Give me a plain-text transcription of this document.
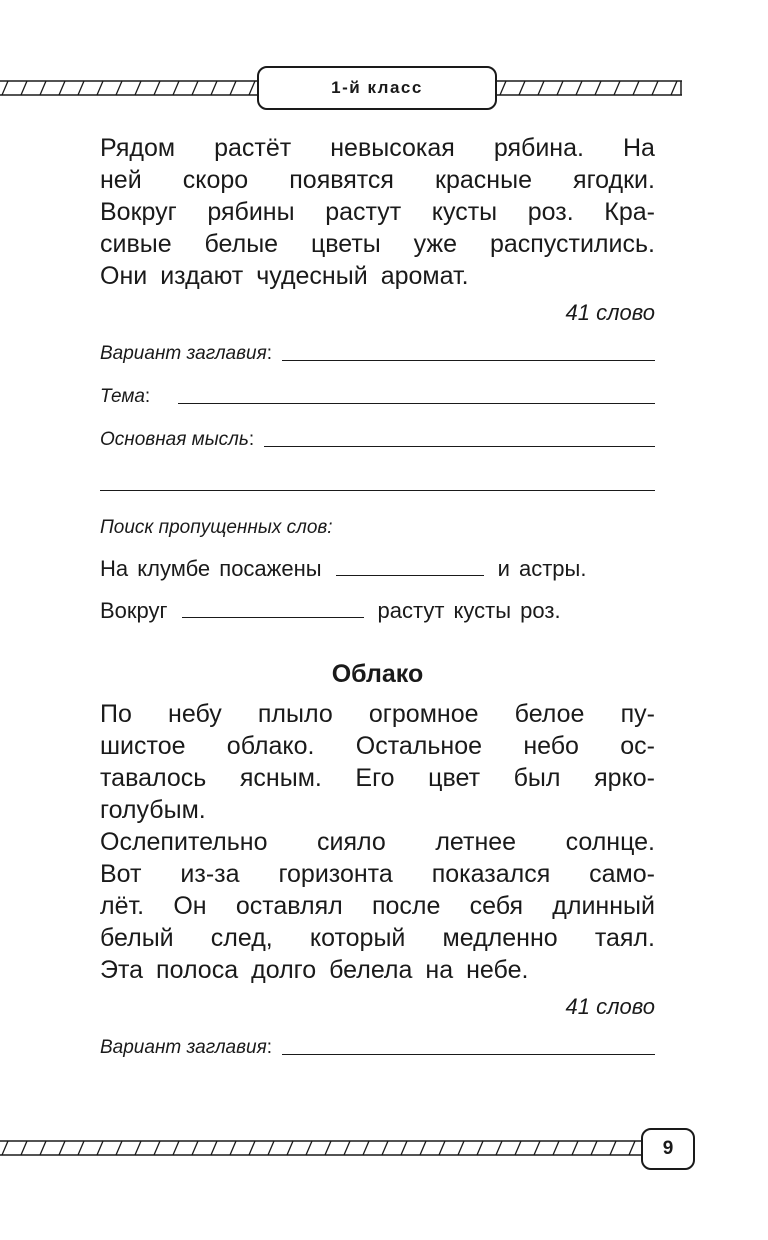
1-й класс
Рядом растёт невысокая рябина. На
ней скоро появятся красные ягодки.
Вокруг рябины растут кусты роз. Кра-
сивые белые цветы уже распустились.
Они издают чудесный аромат.
41 слово
Вариант заглавия:
Тема:
Основная мысль:
Поиск пропущенных слов:
На клумбе посажены	и астры.
Вокруг	растут кусты роз.
Облако
По небу плыло огромное белое пу-
шистое облако. Остальное небо ос-
тавалось ясным. Его цвет был ярко-
голубым.
Ослепительно сияло летнее солнце.
Вот из-за горизонта показался само-
лёт. Он оставлял после себя длинный
белый след, который медленно таял.
Эта полоса долго белела на небе.
41 слово
Вариант заглавия:
9
